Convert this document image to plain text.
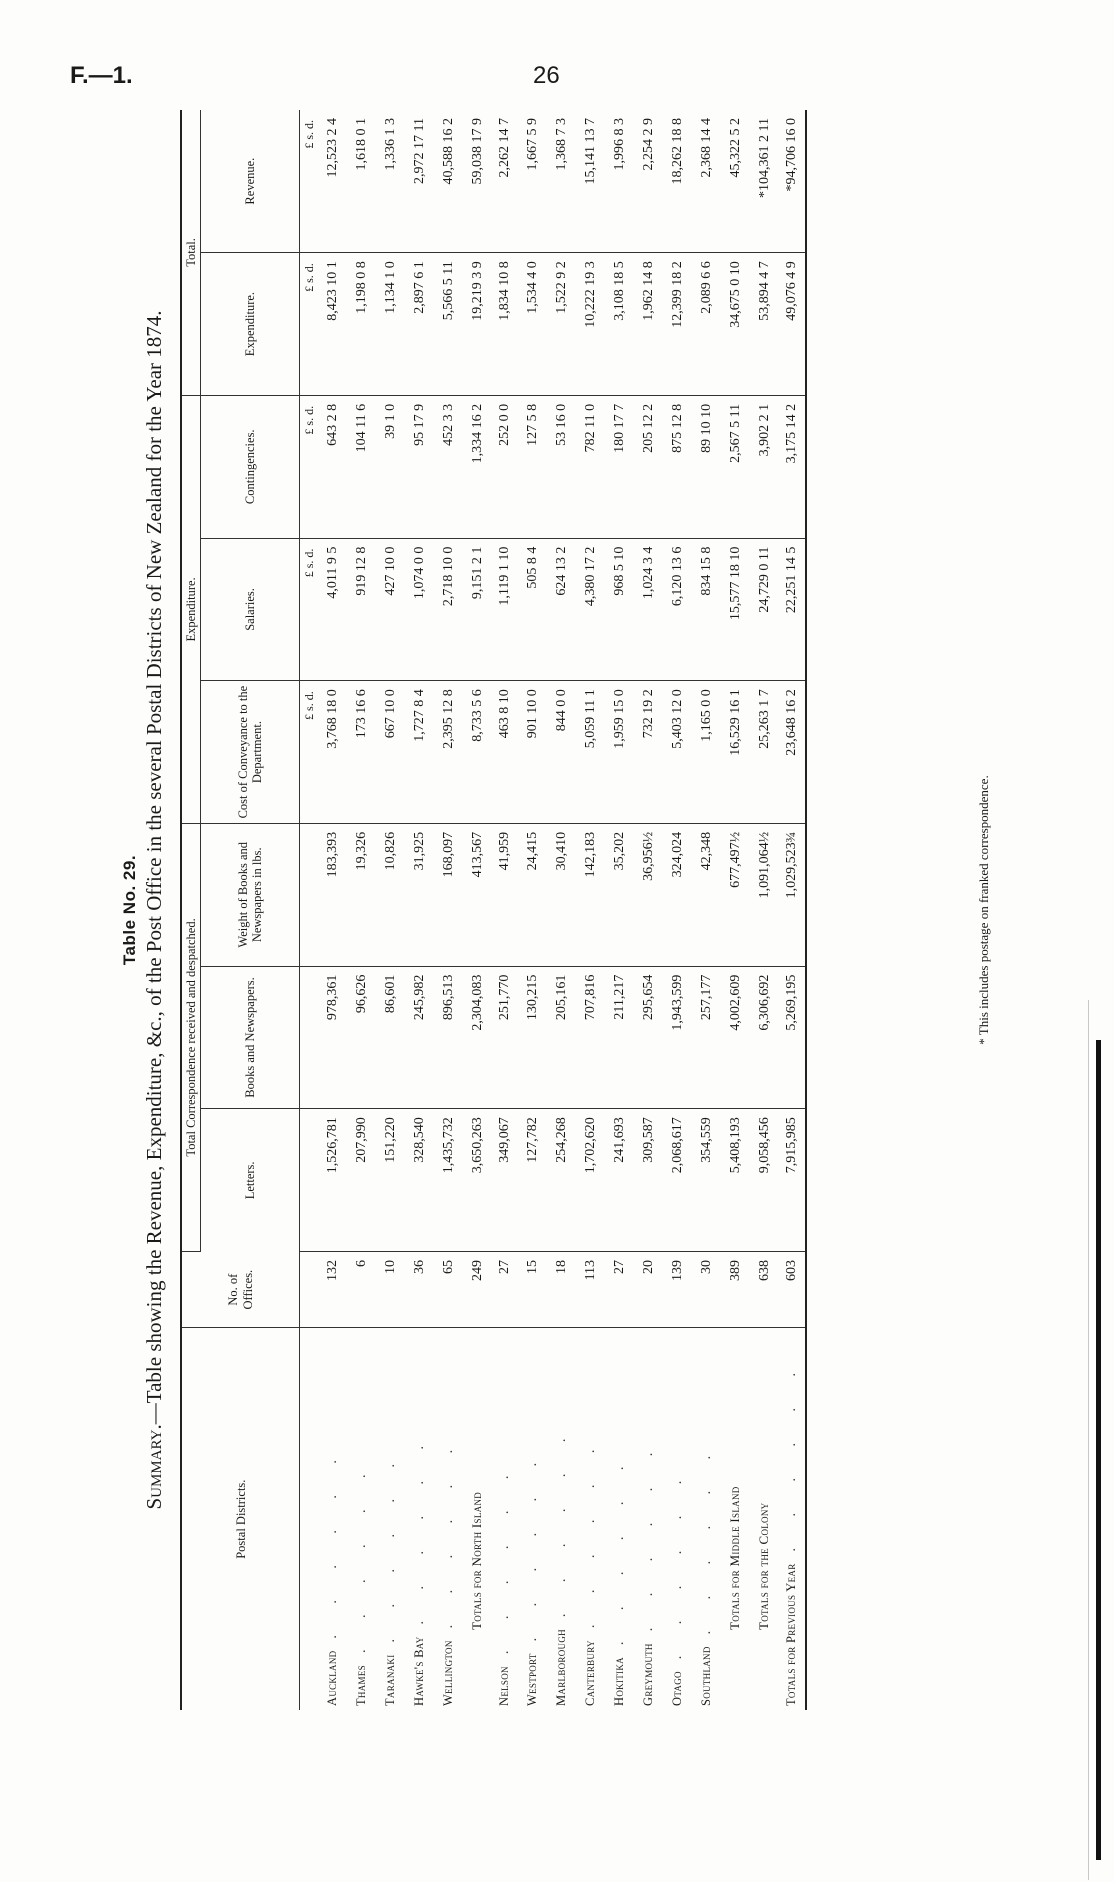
F.—1.	26
Table No. 29.
Summary.—Table showing the Revenue, Expenditure, &c., of the Post Office in the several Postal Districts of New Zealand for the Year 1874.
Postal Districts.	No. of Offices.	Total Correspondence received and despatched.			Expenditure.			Total.	
		Letters.	Books and Newspapers.	Weight of Books and Newspapers in lbs.	Cost of Conveyance to the Department.	Salaries.	Contingencies.	Expenditure.	Revenue.
					£ s. d.	£ s. d.	£ s. d.	£ s. d.	£ s. d.
Auckland. . . . . .	132	1,526,781	978,361	183,393	3,768 18 0	4,011 9 5	643 2 8	8,423 10 1	12,523 2 4
Thames. . . . . .	6	207,990	96,626	19,326	173 16 6	919 12 8	104 11 6	1,198 0 8	1,618 0 1
Taranaki. . . . . .	10	151,220	86,601	10,826	667 10 0	427 10 0	39 1 0	1,134 1 0	1,336 1 3
Hawke's Bay. . . . . .	36	328,540	245,982	31,925	1,727 8 4	1,074 0 0	95 17 9	2,897 6 1	2,972 17 11
Wellington. . . . . .	65	1,435,732	896,513	168,097	2,395 12 8	2,718 10 0	452 3 3	5,566 5 11	40,588 16 2
Totals for North Island	249	3,650,263	2,304,083	413,567	8,733 5 6	9,151 2 1	1,334 16 2	19,219 3 9	59,038 17 9
Nelson. . . . . .	27	349,067	251,770	41,959	463 8 10	1,119 1 10	252 0 0	1,834 10 8	2,262 14 7
Westport. . . . . .	15	127,782	130,215	24,415	901 10 0	505 8 4	127 5 8	1,534 4 0	1,667 5 9
Marlborough. . . . . .	18	254,268	205,161	30,410	844 0 0	624 13 2	53 16 0	1,522 9 2	1,368 7 3
Canterbury. . . . . .	113	1,702,620	707,816	142,183	5,059 11 1	4,380 17 2	782 11 0	10,222 19 3	15,141 13 7
Hokitika. . . . . .	27	241,693	211,217	35,202	1,959 15 0	968 5 10	180 17 7	3,108 18 5	1,996 8 3
Greymouth. . . . . .	20	309,587	295,654	36,956½	732 19 2	1,024 3 4	205 12 2	1,962 14 8	2,254 2 9
Otago. . . . . .	139	2,068,617	1,943,599	324,024	5,403 12 0	6,120 13 6	875 12 8	12,399 18 2	18,262 18 8
Southland. . . . . .	30	354,559	257,177	42,348	1,165 0 0	834 15 8	89 10 10	2,089 6 6	2,368 14 4
Totals for Middle Island	389	5,408,193	4,002,609	677,497½	16,529 16 1	15,577 18 10	2,567 5 11	34,675 0 10	45,322 5 2
Totals for the Colony	638	9,058,456	6,306,692	1,091,064½	25,263 1 7	24,729 0 11	3,902 2 1	53,894 4 7	*104,361 2 11
Totals for Previous Year. . . . . .	603	7,915,985	5,269,195	1,029,523¾	23,648 16 2	22,251 14 5	3,175 14 2	49,076 4 9	*94,706 16 0
* This includes postage on franked correspondence.
